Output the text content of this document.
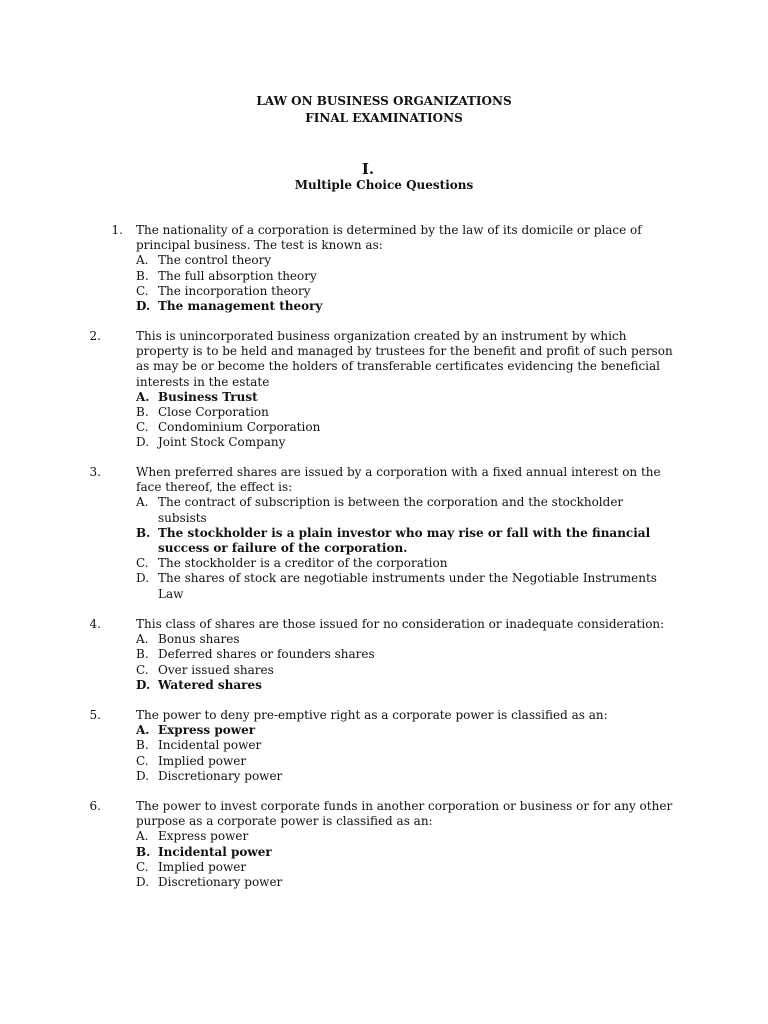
LAW ON BUSINESS ORGANIZATIONS
FINAL EXAMINATIONS
I.
Multiple Choice Questions
1. The nationality of a corporation is determined by the law of its domicile or place of
principal business. The test is known as:
A. The control theory
B. The full absorption theory
C. The incorporation theory
D. The management theory
2.	This is unincorporated business organization created by an instrument by which
property is to be held and managed by trustees for the benefit and profit of such person
as may be or become the holders of transferable certificates evidencing the beneficial
interests in the estate
A. Business Trust
B. Close Corporation
C. Condominium Corporation
D. Joint Stock Company
3.	When preferred shares are issued by a corporation with a fixed annual interest on the
face thereof, the effect is:
A. The contract of subscription is between the corporation and the stockholder
subsists
B. The stockholder is a plain investor who may rise or fall with the financial
success or failure of the corporation.
C. The stockholder is a creditor of the corporation
D. The shares of stock are negotiable instruments under the Negotiable Instruments
Law
4.	This class of shares are those issued for no consideration or inadequate consideration:
A. Bonus shares
B. Deferred shares or founders shares
C. Over issued shares
D. Watered shares
5.	The power to deny pre-emptive right as a corporate power is classified as an:
A. Express power
B. Incidental power
C. Implied power
D. Discretionary power
6.	The power to invest corporate funds in another corporation or business or for any other
purpose as a corporate power is classified as an:
A. Express power
B. Incidental power
C. Implied power
D. Discretionary power
